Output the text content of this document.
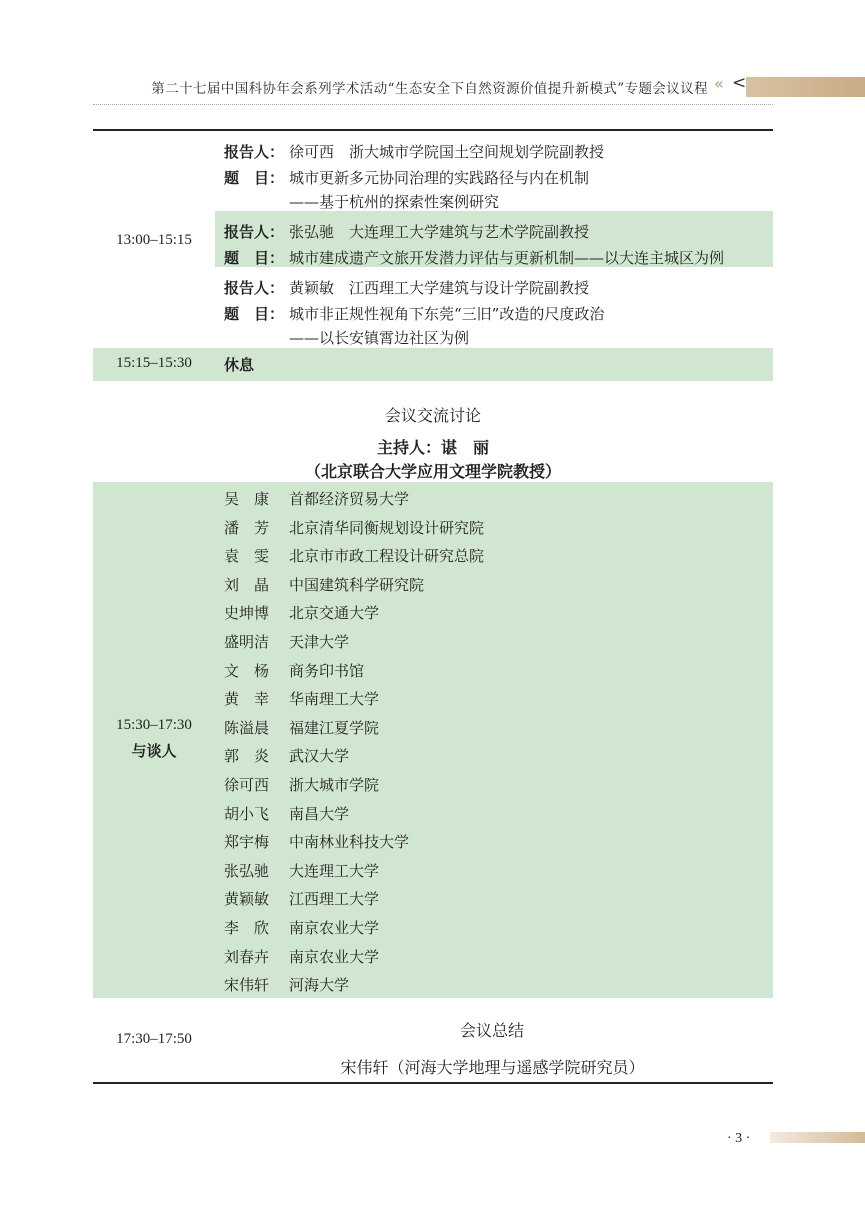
第二十七届中国科协年会系列学术活动“生态安全下自然资源价值提升新模式”专题会议议程 « <
13:00–15:15
报告人： 徐可西　浙大城市学院国土空间规划学院副教授
题　目： 城市更新多元协同治理的实践路径与内在机制
——基于杭州的探索性案例研究
报告人： 张弘驰　大连理工大学建筑与艺术学院副教授
题　目： 城市建成遗产文旅开发潜力评估与更新机制——以大连主城区为例
报告人： 黄颖敏　江西理工大学建筑与设计学院副教授
题　目： 城市非正规性视角下东莞“三旧”改造的尺度政治
——以长安镇霄边社区为例
15:15–15:30	休息
会议交流讨论
主持人：谌　丽
（北京联合大学应用文理学院教授）
15:30–17:30
与谈人
吴　康 首都经济贸易大学
潘　芳 北京清华同衡规划设计研究院
袁　雯 北京市市政工程设计研究总院
刘　晶 中国建筑科学研究院
史坤博 北京交通大学
盛明洁 天津大学
文　杨 商务印书馆
黄　幸 华南理工大学
陈溢晨 福建江夏学院
郭　炎 武汉大学
徐可西 浙大城市学院
胡小飞 南昌大学
郑宇梅 中南林业科技大学
张弘驰 大连理工大学
黄颖敏 江西理工大学
李　欣 南京农业大学
刘春卉 南京农业大学
宋伟轩 河海大学
17:30–17:50	会议总结
宋伟轩（河海大学地理与遥感学院研究员）
· 3 ·
